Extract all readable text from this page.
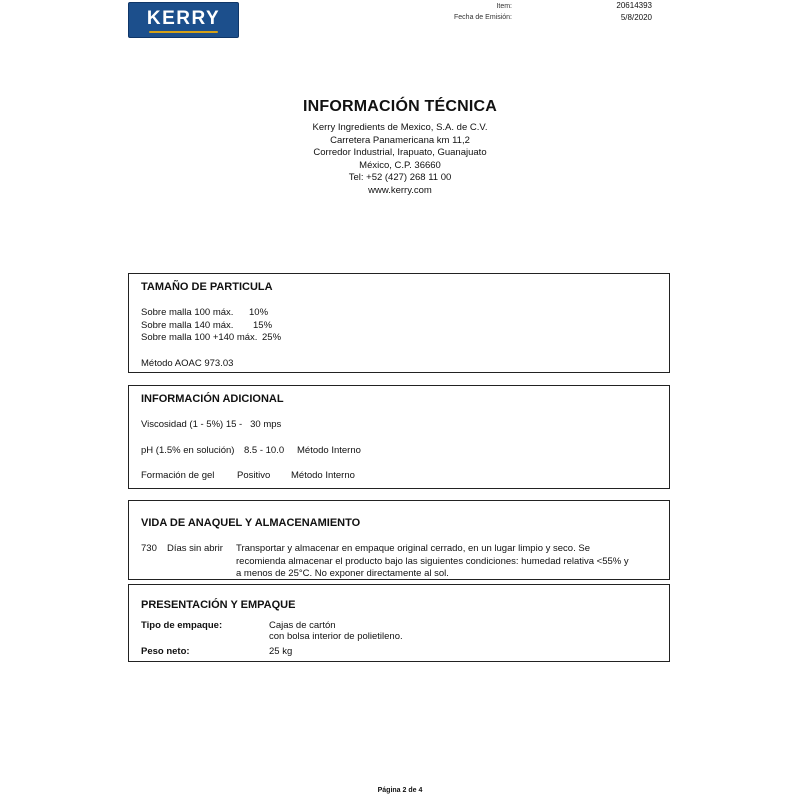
KERRY
Item:	20614393
Fecha de Emisión:	5/8/2020
INFORMACIÓN TÉCNICA
Kerry Ingredients de Mexico, S.A. de C.V.
Carretera Panamericana km 11,2
Corredor Industrial, Irapuato, Guanajuato
México, C.P. 36660
Tel: +52 (427) 268 11 00
www.kerry.com
TAMAÑO DE PARTICULA
Sobre malla 100 máx. 10%
Sobre malla 140 máx. 15%
Sobre malla 100 +140 máx. 25%
Método AOAC 973.03
INFORMACIÓN ADICIONAL
Viscosidad (1 - 5%) 15 - 30 mps
pH (1.5% en solución) 8.5 - 10.0 Método Interno
Formación de gel Positivo Método Interno
VIDA DE ANAQUEL Y ALMACENAMIENTO
730 Días sin abrir Transportar y almacenar en empaque original cerrado, en un lugar limpio y seco. Se
recomienda almacenar el producto bajo las siguientes condiciones: humedad relativa <55% y
a menos de 25°C. No exponer directamente al sol.
PRESENTACIÓN Y EMPAQUE
Tipo de empaque:	Cajas de cartón
con bolsa interior de polietileno.
Peso neto:	25 kg
Página 2 de 4
